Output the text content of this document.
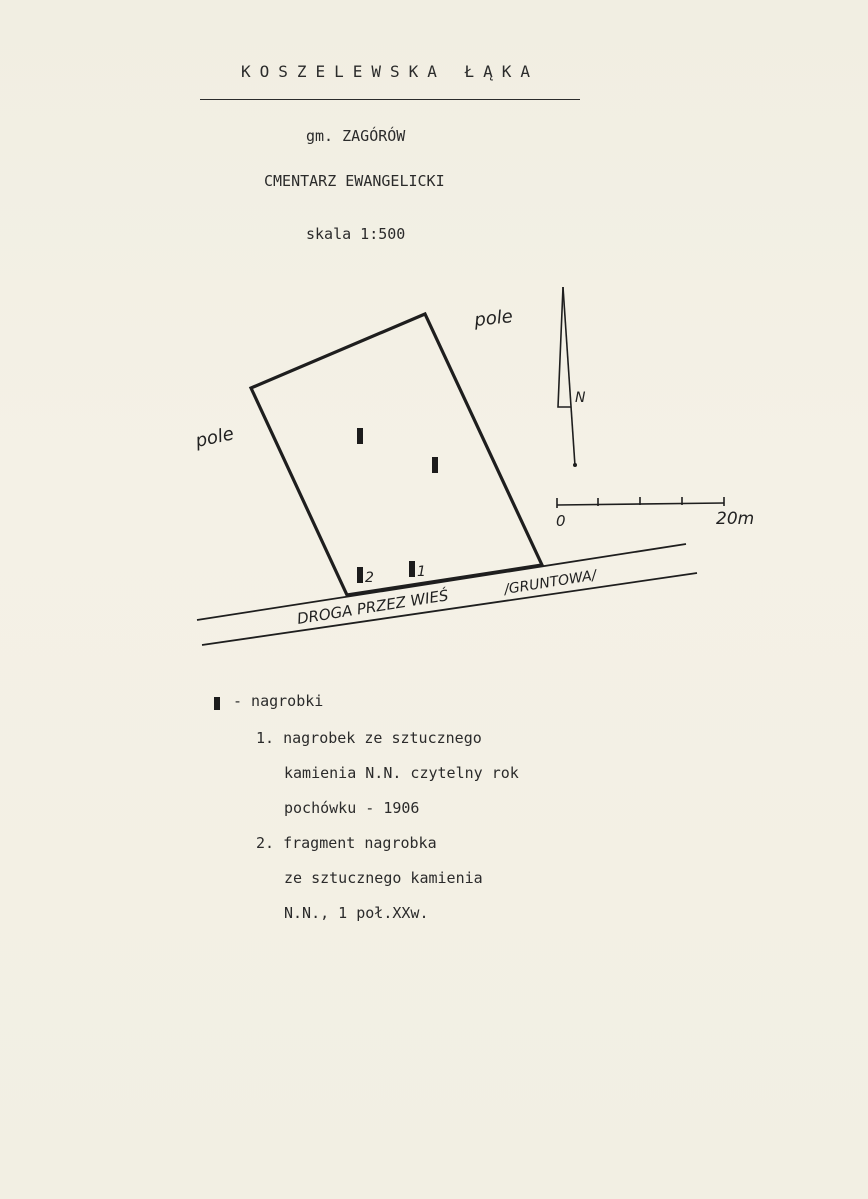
KOSZELEWSKA ŁĄKA
gm. ZAGÓRÓW
CMENTARZ EWANGELICKI
skala 1:500
2	1
DROGA PRZEZ WIEŚ
/GRUNTOWA/
pole
pole
N
0	20m
- nagrobki
1. nagrobek ze sztucznego
kamienia N.N. czytelny rok
pochówku - 1906
2. fragment nagrobka
ze sztucznego kamienia
N.N., 1 poł.XXw.
